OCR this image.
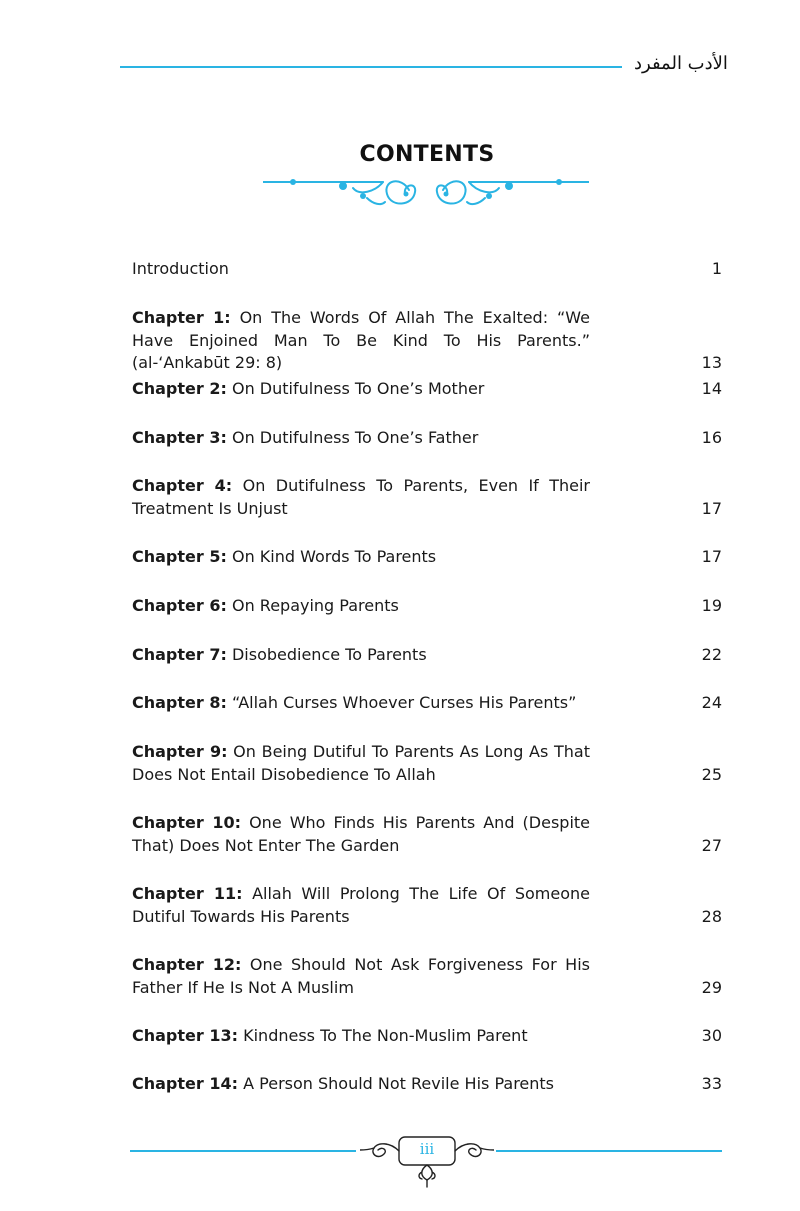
الأدب المفرد
CONTENTS
Introduction	1
Chapter 1: On The Words Of Allah The Exalted: “We Have Enjoined Man To Be Kind To His Parents.” (al-‘Ankabūt 29: 8)	13
Chapter 2: On Dutifulness To One’s Mother	14
Chapter 3: On Dutifulness To One’s Father	16
Chapter 4: On Dutifulness To Parents, Even If Their Treatment Is Unjust	17
Chapter 5: On Kind Words To Parents	17
Chapter 6: On Repaying Parents	19
Chapter 7: Disobedience To Parents	22
Chapter 8: “Allah Curses Whoever Curses His Parents”	24
Chapter 9: On Being Dutiful To Parents As Long As That Does Not Entail Disobedience To Allah	25
Chapter 10: One Who Finds His Parents And (Despite That) Does Not Enter The Garden	27
Chapter 11: Allah Will Prolong The Life Of Someone Dutiful Towards His Parents	28
Chapter 12: One Should Not Ask Forgiveness For His Father If He Is Not A Muslim	29
Chapter 13: Kindness To The Non-Muslim Parent	30
Chapter 14: A Person Should Not Revile His Parents	33
iii
